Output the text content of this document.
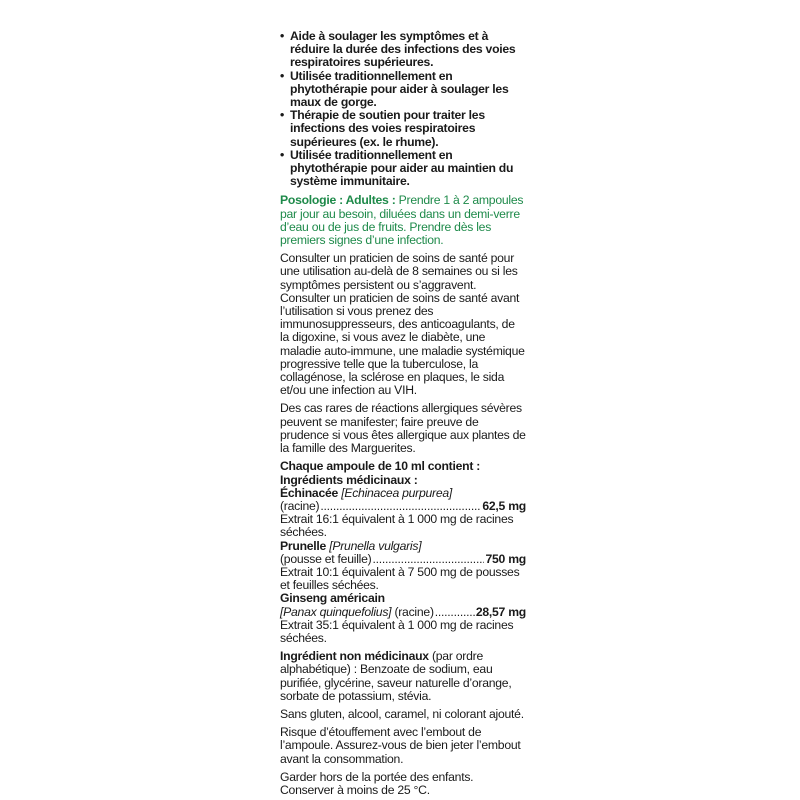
• Aide à soulager les symptômes et à réduire la durée des infections des voies respiratoires supérieures.
• Utilisée traditionnellement en phytothérapie pour aider à soulager les maux de gorge.
• Thérapie de soutien pour traiter les infections des voies respiratoires supérieures (ex. le rhume).
• Utilisée traditionnellement en phytothérapie pour aider au maintien du système immunitaire.

Posologie : Adultes : Prendre 1 à 2 ampoules par jour au besoin, diluées dans un demi-verre d’eau ou de jus de fruits. Prendre dès les premiers signes d’une infection.

Consulter un praticien de soins de santé pour une utilisation au-delà de 8 semaines ou si les symptômes persistent ou s’aggravent. Consulter un praticien de soins de santé avant l’utilisation si vous prenez des immunosuppresseurs, des anticoagulants, de la digoxine, si vous avez le diabète, une maladie auto-immune, une maladie systémique progressive telle que la tuberculose, la collagénose, la sclérose en plaques, le sida et/ou une infection au VIH.

Des cas rares de réactions allergiques sévères peuvent se manifester; faire preuve de prudence si vous êtes allergique aux plantes de la famille des Marguerites.

Chaque ampoule de 10 ml contient :

Ingrédients médicinaux :

Échinacée [Echinacea purpurea]

(racine) .....	62,5 mg

Extrait 16:1 équivalent à 1 000 mg de racines séchées.

Prunelle [Prunella vulgaris]

(pousse et feuille) .....	750 mg

Extrait 10:1 équivalent à 7 500 mg de pousses et feuilles séchées.

Ginseng américain

[Panax quinquefolius] (racine) .....	28,57 mg

Extrait 35:1 équivalent à 1 000 mg de racines séchées.

Ingrédient non médicinaux (par ordre alphabétique) : Benzoate de sodium, eau purifiée, glycérine, saveur naturelle d’orange, sorbate de potassium, stévia.

Sans gluten, alcool, caramel, ni colorant ajouté.

Risque d’étouffement avec l’embout de l’ampoule. Assurez-vous de bien jeter l’embout avant la consommation.

Garder hors de la portée des enfants.

Conserver à moins de 25 °C.
